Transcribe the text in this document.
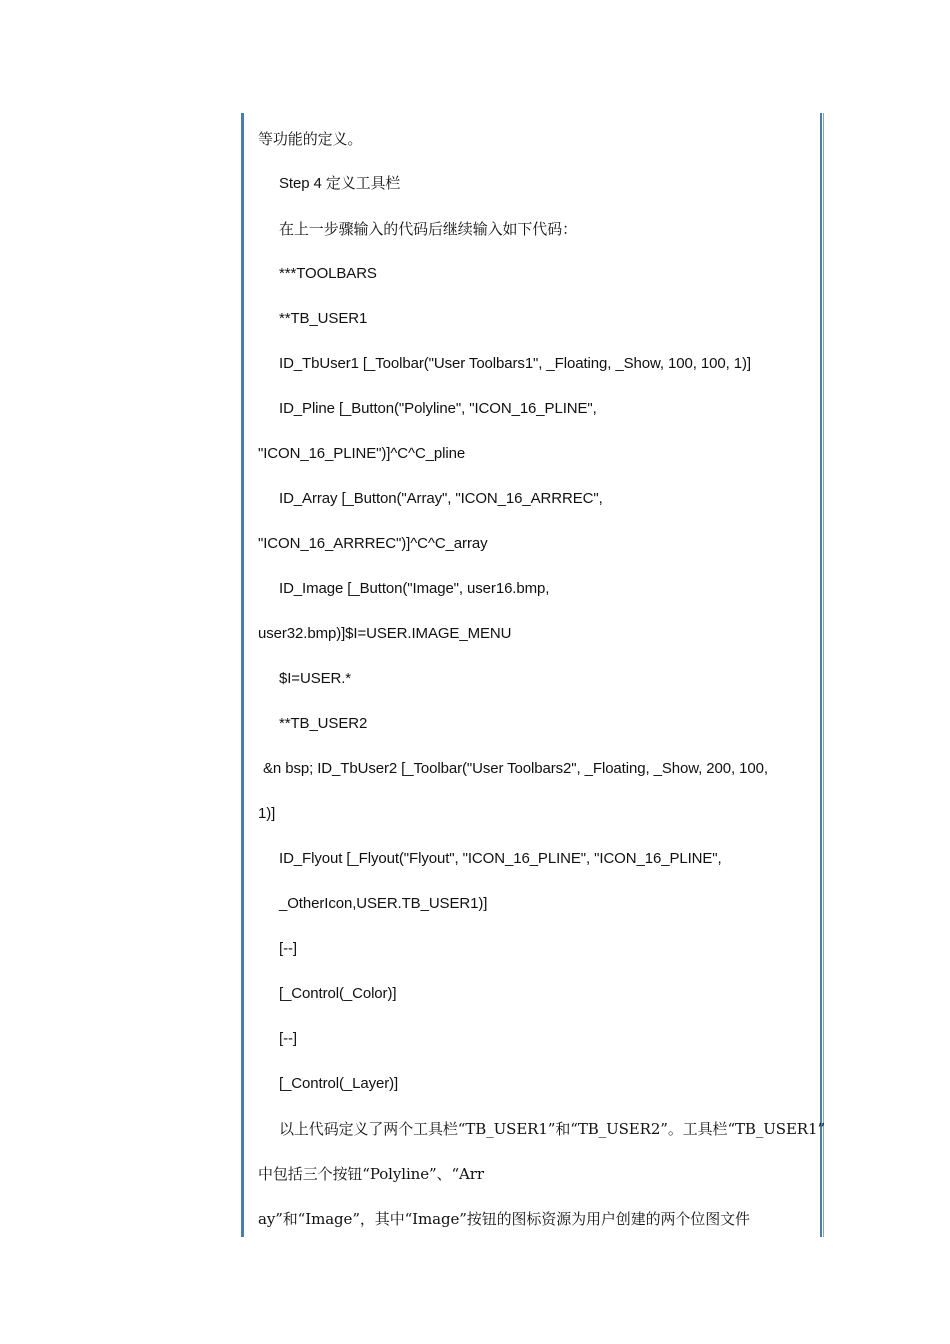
等功能的定义。
Step 4 定义工具栏
在上一步骤输入的代码后继续输入如下代码：
***TOOLBARS
**TB_USER1
ID_TbUser1 [_Toolbar("User Toolbars1", _Floating, _Show, 100, 100, 1)]
ID_Pline [_Button("Polyline", "ICON_16_PLINE",
"ICON_16_PLINE")]^C^C_pline
ID_Array [_Button("Array", "ICON_16_ARRREC",
"ICON_16_ARRREC")]^C^C_array
ID_Image [_Button("Image", user16.bmp,
user32.bmp)]$I=USER.IMAGE_MENU
$I=USER.*
**TB_USER2
&n bsp; ID_TbUser2 [_Toolbar("User Toolbars2", _Floating, _Show, 200, 100,
1)]
ID_Flyout [_Flyout("Flyout", "ICON_16_PLINE", "ICON_16_PLINE",
_OtherIcon,USER.TB_USER1)]
[--]
[_Control(_Color)]
[--]
[_Control(_Layer)]
以上代码定义了两个工具栏“TB_USER1”和“TB_USER2”。工具栏“TB_USER1”
中包括三个按钮“Polyline”、“Arr
ay”和“Image”，其中“Image”按钮的图标资源为用户创建的两个位图文件
